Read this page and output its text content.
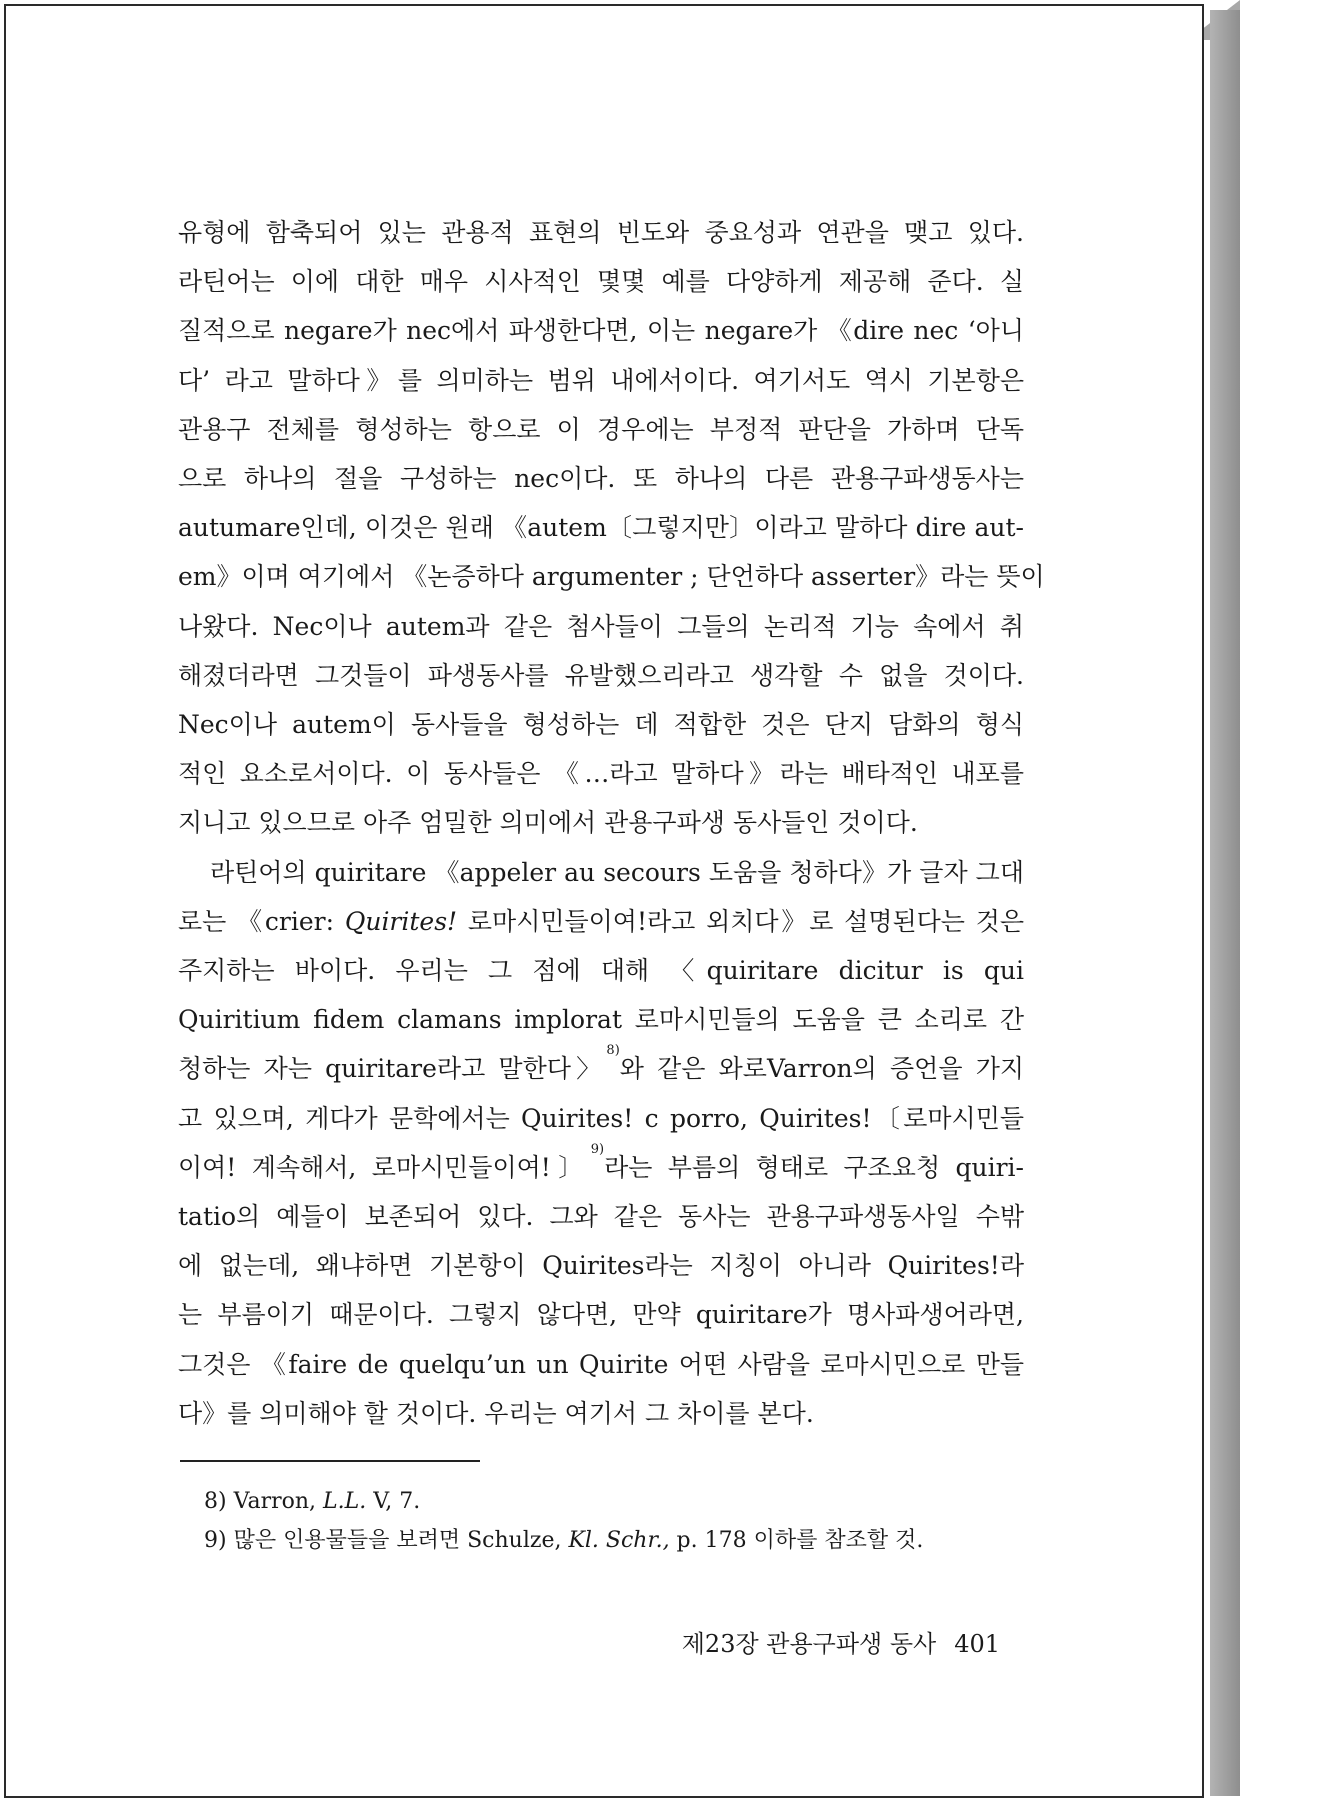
유형에 함축되어 있는 관용적 표현의 빈도와 중요성과 연관을 맺고 있다.
라틴어는 이에 대한 매우 시사적인 몇몇 예를 다양하게 제공해 준다. 실
질적으로 negare가 nec에서 파생한다면, 이는 negare가 《dire nec ‘아니
다’ 라고 말하다》를 의미하는 범위 내에서이다. 여기서도 역시 기본항은
관용구 전체를 형성하는 항으로 이 경우에는 부정적 판단을 가하며 단독
으로 하나의 절을 구성하는 nec이다. 또 하나의 다른 관용구파생동사는
autumare인데, 이것은 원래 《autem〔그렇지만〕이라고 말하다 dire aut-
em》이며 여기에서 《논증하다 argumenter ; 단언하다 asserter》라는 뜻이
나왔다. Nec이나 autem과 같은 첨사들이 그들의 논리적 기능 속에서 취
해졌더라면 그것들이 파생동사를 유발했으리라고 생각할 수 없을 것이다.
Nec이나 autem이 동사들을 형성하는 데 적합한 것은 단지 담화의 형식
적인 요소로서이다. 이 동사들은 《…라고 말하다》라는 배타적인 내포를
지니고 있으므로 아주 엄밀한 의미에서 관용구파생 동사들인 것이다.

라틴어의 quiritare 《appeler au secours 도움을 청하다》가 글자 그대
로는 《crier: Quirites! 로마시민들이여!라고 외치다》로 설명된다는 것은
주지하는 바이다. 우리는 그 점에 대해 〈quiritare dicitur is qui
Quiritium fidem clamans implorat 로마시민들의 도움을 큰 소리로 간
청하는 자는 quiritare라고 말한다〉$^{8)}$와 같은 와로Varron의 증언을 가지
고 있으며, 게다가 문학에서는 Quirites! c porro, Quirites!〔로마시민들
이여! 계속해서, 로마시민들이여!〕$^{9)}$라는 부름의 형태로 구조요청 quiri-
tatio의 예들이 보존되어 있다. 그와 같은 동사는 관용구파생동사일 수밖
에 없는데, 왜냐하면 기본항이 Quirites라는 지칭이 아니라 Quirites!라
는 부름이기 때문이다. 그렇지 않다면, 만약 quiritare가 명사파생어라면,
그것은 《faire de quelqu’un un Quirite 어떤 사람을 로마시민으로 만들
다》를 의미해야 할 것이다. 우리는 여기서 그 차이를 본다.

8) Varron, L.L. V, 7.
9) 많은 인용물들을 보려면 Schulze, Kl. Schr., p. 178 이하를 참조할 것.
제23장 관용구파생 동사 401
